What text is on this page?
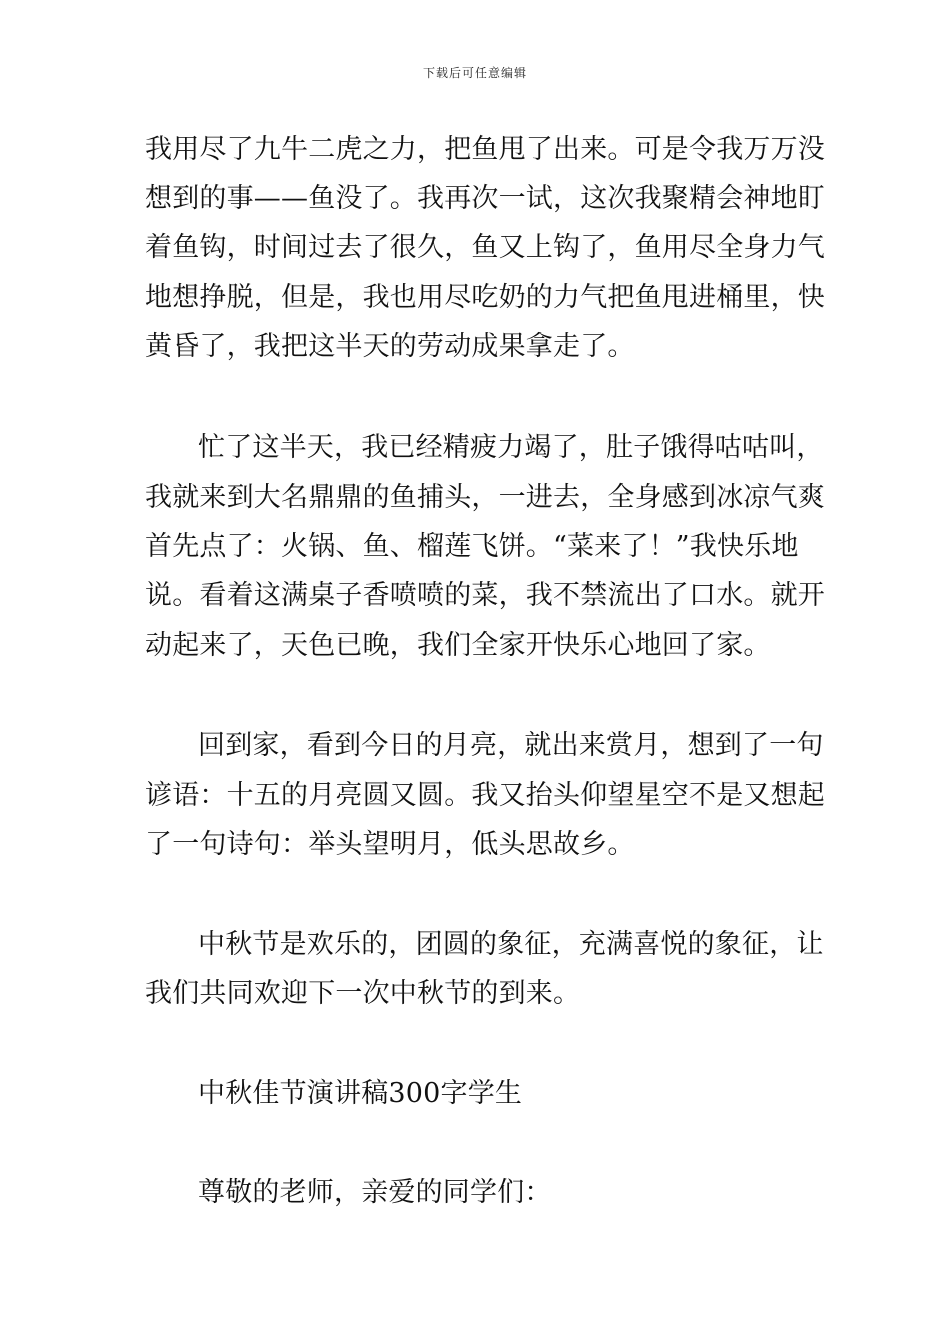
下载后可任意编辑
我用尽了九牛二虎之力，把鱼甩了出来。可是令我万万没
想到的事——鱼没了。我再次一试，这次我聚精会神地盯
着鱼钩，时间过去了很久，鱼又上钩了，鱼用尽全身力气
地想挣脱，但是，我也用尽吃奶的力气把鱼甩进桶里，快
黄昏了，我把这半天的劳动成果拿走了。
忙了这半天，我已经精疲力竭了，肚子饿得咕咕叫，
我就来到大名鼎鼎的鱼捕头，一进去，全身感到冰凉气爽
首先点了：火锅、鱼、榴莲飞饼。“菜来了！”我快乐地
说。看着这满桌子香喷喷的菜，我不禁流出了口水。就开
动起来了，天色已晚，我们全家开快乐心地回了家。
回到家，看到今日的月亮，就出来赏月，想到了一句
谚语：十五的月亮圆又圆。我又抬头仰望星空不是又想起
了一句诗句：举头望明月，低头思故乡。
中秋节是欢乐的，团圆的象征，充满喜悦的象征，让
我们共同欢迎下一次中秋节的到来。
中秋佳节演讲稿300字学生
尊敬的老师，亲爱的同学们：
